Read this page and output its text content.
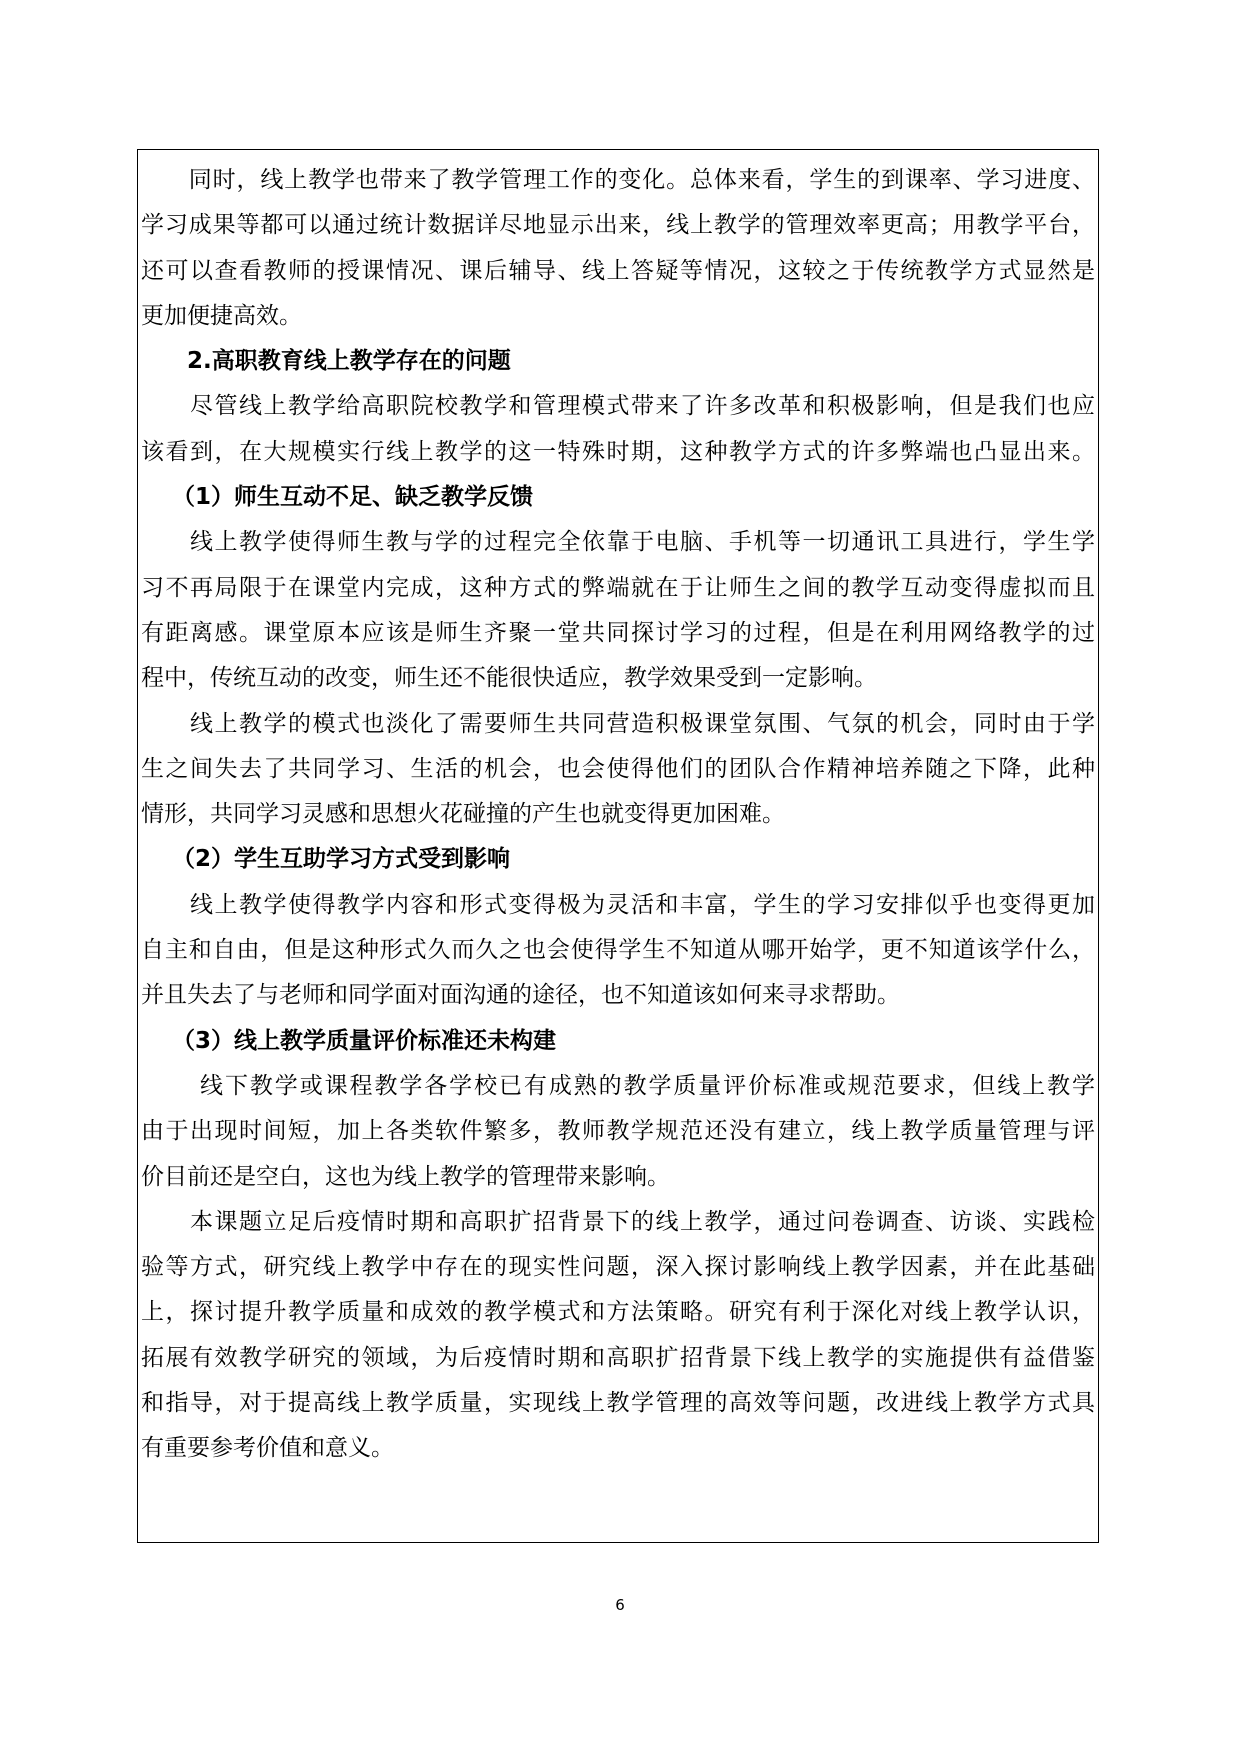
　　同时，线上教学也带来了教学管理工作的变化。总体来看，学生的到课率、学习进度、
学习成果等都可以通过统计数据详尽地显示出来，线上教学的管理效率更高；用教学平台，
还可以查看教师的授课情况、课后辅导、线上答疑等情况，这较之于传统教学方式显然是
更加便捷高效。
　　2.高职教育线上教学存在的问题
　　尽管线上教学给高职院校教学和管理模式带来了许多改革和积极影响，但是我们也应
该看到，在大规模实行线上教学的这一特殊时期，这种教学方式的许多弊端也凸显出来。
　 （1）师生互动不足、缺乏教学反馈
　　线上教学使得师生教与学的过程完全依靠于电脑、手机等一切通讯工具进行，学生学
习不再局限于在课堂内完成，这种方式的弊端就在于让师生之间的教学互动变得虚拟而且
有距离感。课堂原本应该是师生齐聚一堂共同探讨学习的过程，但是在利用网络教学的过
程中，传统互动的改变，师生还不能很快适应，教学效果受到一定影响。
　　线上教学的模式也淡化了需要师生共同营造积极课堂氛围、气氛的机会，同时由于学
生之间失去了共同学习、生活的机会，也会使得他们的团队合作精神培养随之下降，此种
情形，共同学习灵感和思想火花碰撞的产生也就变得更加困难。
　 （2）学生互助学习方式受到影响
　　线上教学使得教学内容和形式变得极为灵活和丰富，学生的学习安排似乎也变得更加
自主和自由，但是这种形式久而久之也会使得学生不知道从哪开始学，更不知道该学什么，
并且失去了与老师和同学面对面沟通的途径，也不知道该如何来寻求帮助。
　 （3）线上教学质量评价标准还未构建
　　 线下教学或课程教学各学校已有成熟的教学质量评价标准或规范要求，但线上教学
由于出现时间短，加上各类软件繁多，教师教学规范还没有建立，线上教学质量管理与评
价目前还是空白，这也为线上教学的管理带来影响。
　　本课题立足后疫情时期和高职扩招背景下的线上教学，通过问卷调查、访谈、实践检
验等方式，研究线上教学中存在的现实性问题，深入探讨影响线上教学因素，并在此基础
上，探讨提升教学质量和成效的教学模式和方法策略。研究有利于深化对线上教学认识，
拓展有效教学研究的领域，为后疫情时期和高职扩招背景下线上教学的实施提供有益借鉴
和指导，对于提高线上教学质量，实现线上教学管理的高效等问题，改进线上教学方式具
有重要参考价值和意义。
6
